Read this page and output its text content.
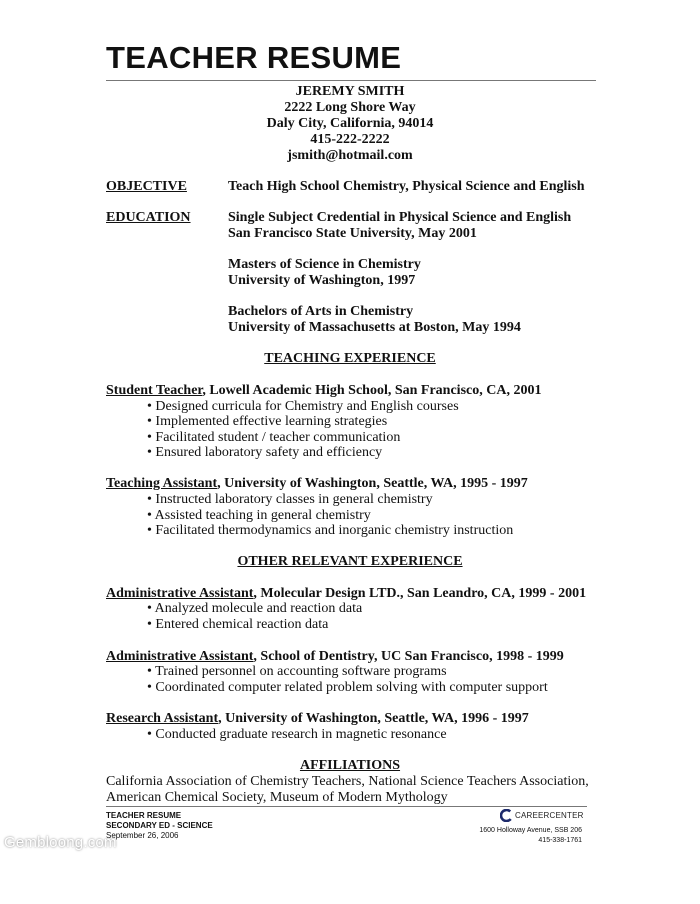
TEACHER RESUME
JEREMY SMITH
2222 Long Shore Way
Daly City, California, 94014
415-222-2222
jsmith@hotmail.com
OBJECTIVE	Teach High School Chemistry, Physical Science and English
EDUCATION	Single Subject Credential in Physical Science and English
San Francisco State University, May 2001
Masters of Science in Chemistry
University of Washington, 1997
Bachelors of Arts in Chemistry
University of Massachusetts at Boston, May 1994
TEACHING EXPERIENCE
Student Teacher, Lowell Academic High School, San Francisco, CA, 2001
• Designed curricula for Chemistry and English courses
• Implemented effective learning strategies
• Facilitated student / teacher communication
• Ensured laboratory safety and efficiency
Teaching Assistant, University of Washington, Seattle, WA, 1995 - 1997
• Instructed laboratory classes in general chemistry
• Assisted teaching in general chemistry
• Facilitated thermodynamics and inorganic chemistry instruction
OTHER RELEVANT EXPERIENCE
Administrative Assistant, Molecular Design LTD., San Leandro, CA, 1999 - 2001
• Analyzed molecule and reaction data
• Entered chemical reaction data
Administrative Assistant, School of Dentistry, UC San Francisco, 1998 - 1999
• Trained personnel on accounting software programs
• Coordinated computer related problem solving with computer support
Research Assistant, University of Washington, Seattle, WA, 1996 - 1997
• Conducted graduate research in magnetic resonance
AFFILIATIONS
California Association of Chemistry Teachers, National Science Teachers Association,
American Chemical Society, Museum of Modern Mythology
TEACHER RESUME
SECONDARY ED - SCIENCE
September 26, 2006
CAREERCENTER
1600 Holloway Avenue, SSB 206
415-338-1761
Gembloong.com
